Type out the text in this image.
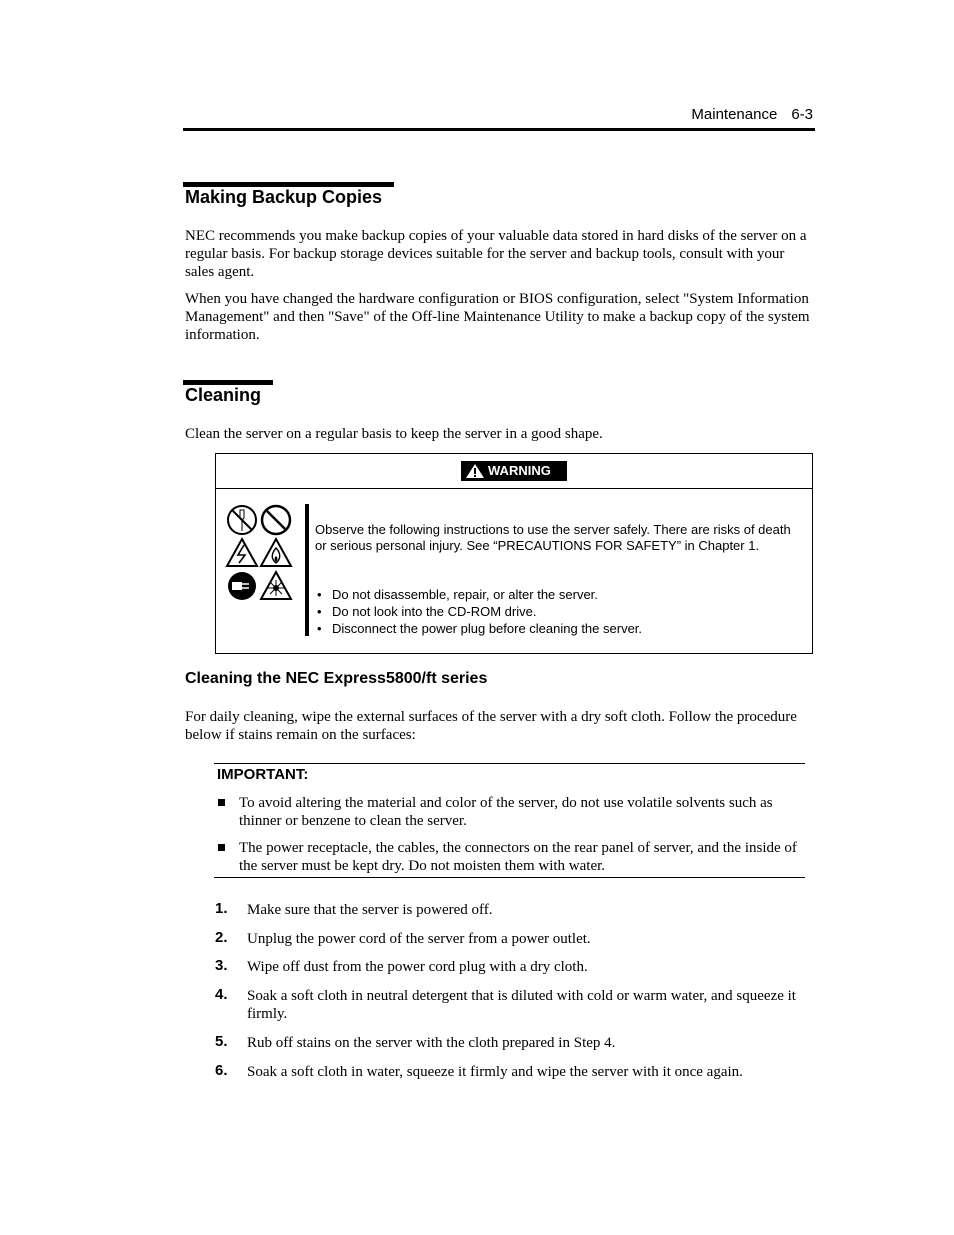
Maintenance 6-3
Making Backup Copies
NEC recommends you make backup copies of your valuable data stored in hard disks of the server on a regular basis. For backup storage devices suitable for the server and backup tools, consult with your sales agent.
When you have changed the hardware configuration or BIOS configuration, select "System Information Management" and then "Save" of the Off-line Maintenance Utility to make a backup copy of the system information.
Cleaning
Clean the server on a regular basis to keep the server in a good shape.
WARNING
Observe the following instructions to use the server safely. There are risks of death or serious personal injury. See “PRECAUTIONS FOR SAFETY” in Chapter 1.
• Do not disassemble, repair, or alter the server.
• Do not look into the CD-ROM drive.
• Disconnect the power plug before cleaning the server.
Cleaning the NEC Express5800/ft series
For daily cleaning, wipe the external surfaces of the server with a dry soft cloth. Follow the procedure below if stains remain on the surfaces:
IMPORTANT:
To avoid altering the material and color of the server, do not use volatile solvents such as thinner or benzene to clean the server.
The power receptacle, the cables, the connectors on the rear panel of server, and the inside of the server must be kept dry. Do not moisten them with water.
1. Make sure that the server is powered off.
2. Unplug the power cord of the server from a power outlet.
3. Wipe off dust from the power cord plug with a dry cloth.
4. Soak a soft cloth in neutral detergent that is diluted with cold or warm water, and squeeze it firmly.
5. Rub off stains on the server with the cloth prepared in Step 4.
6. Soak a soft cloth in water, squeeze it firmly and wipe the server with it once again.
